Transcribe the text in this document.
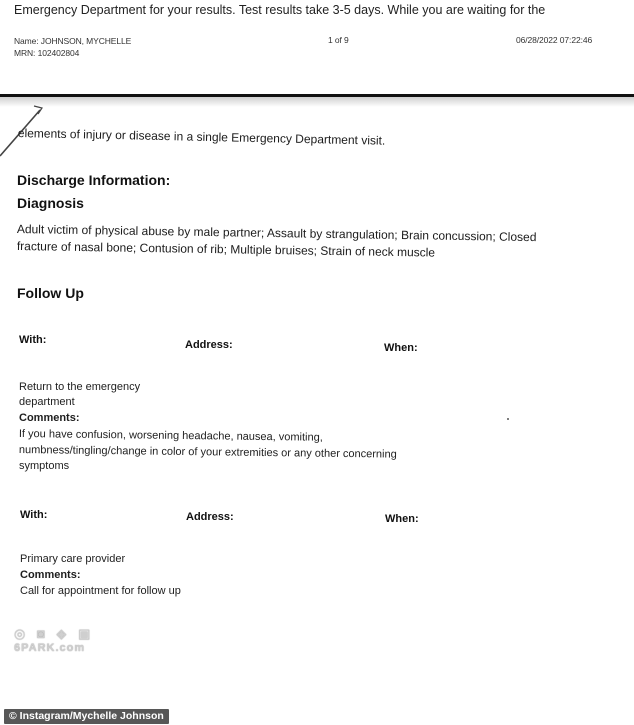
Emergency Department for your results. Test results take 3-5 days. While you are waiting for the
Name: JOHNSON, MYCHELLE
MRN: 102402804
1 of 9	06/28/2022 07:22:46
elements of injury or disease in a single Emergency Department visit.
Discharge Information:
Diagnosis
Adult victim of physical abuse by male partner; Assault by strangulation; Brain concussion; Closed
fracture of nasal bone; Contusion of rib; Multiple bruises; Strain of neck muscle
Follow Up
With:	Address:	When:
Return to the emergency
department
Comments:
If you have confusion, worsening headache, nausea, vomiting,
numbness/tingling/change in color of your extremities or any other concerning
symptoms
With:	Address:	When:
Primary care provider
Comments:
Call for appointment for follow up
◎ ◙ ◈ ▣
6PARK.com
© Instagram/Mychelle Johnson
